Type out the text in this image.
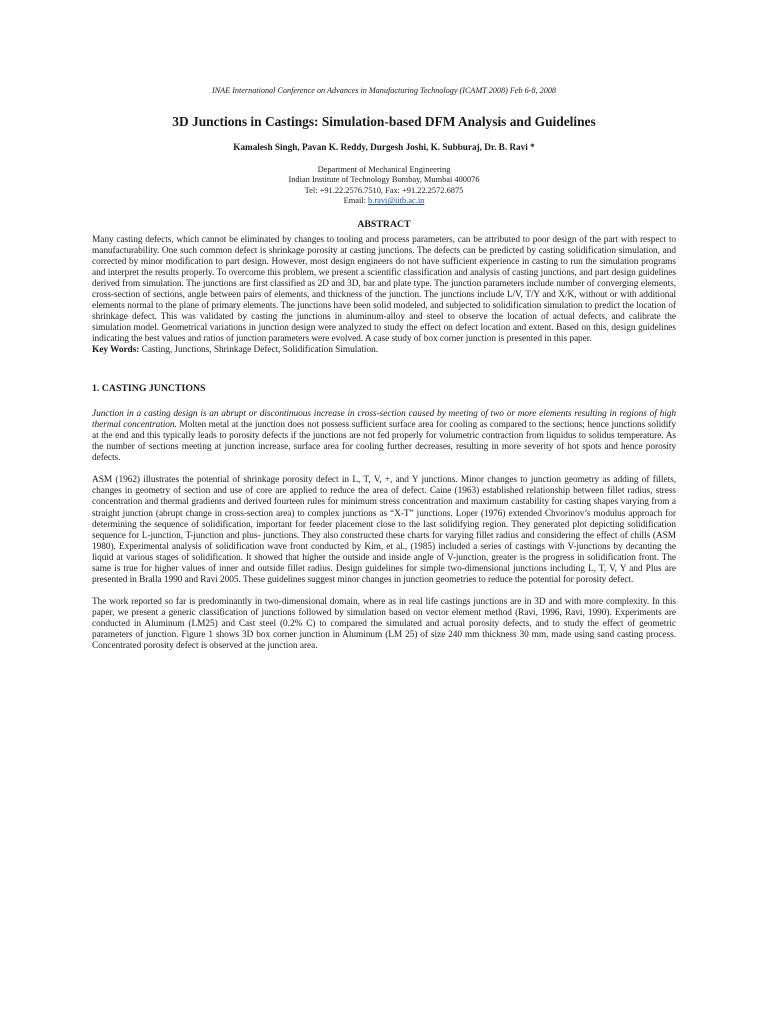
INAE International Conference on Advances in Manufacturing Technology (ICAMT 2008) Feb 6-8, 2008

3D Junctions in Castings: Simulation-based DFM Analysis and Guidelines

Kamalesh Singh, Pavan K. Reddy, Durgesh Joshi, K. Subburaj, Dr. B. Ravi *

Department of Mechanical Engineering
Indian Institute of Technology Bombay, Mumbai 400076
Tel: +91.22.2576.7510, Fax: +91.22.2572.6875
Email: b.ravi@iitb.ac.in
ABSTRACT

Many casting defects, which cannot be eliminated by changes to tooling and process parameters, can be attributed to poor design of the part with respect to manufacturability. One such common defect is shrinkage porosity at casting junctions. The defects can be predicted by casting solidification simulation, and corrected by minor modification to part design. However, most design engineers do not have sufficient experience in casting to run the simulation programs and interpret the results properly. To overcome this problem, we present a scientific classification and analysis of casting junctions, and part design guidelines derived from simulation. The junctions are first classified as 2D and 3D, bar and plate type. The junction parameters include number of converging elements, cross-section of sections, angle between pairs of elements, and thickness of the junction. The junctions include L/V, T/Y and X/K, without or with additional elements normal to the plane of primary elements. The junctions have been solid modeled, and subjected to solidification simulation to predict the location of shrinkage defect. This was validated by casting the junctions in aluminum-alloy and steel to observe the location of actual defects, and calibrate the simulation model. Geometrical variations in junction design were analyzed to study the effect on defect location and extent. Based on this, design guidelines indicating the best values and ratios of junction parameters were evolved. A case study of box corner junction is presented in this paper.

Key Words: Casting, Junctions, Shrinkage Defect, Solidification Simulation.

1. CASTING JUNCTIONS

Junction in a casting design is an abrupt or discontinuous increase in cross-section caused by meeting of two or more elements resulting in regions of high thermal concentration. Molten metal at the junction does not possess sufficient surface area for cooling as compared to the sections; hence junctions solidify at the end and this typically leads to porosity defects if the junctions are not fed properly for volumetric contraction from liquidus to solidus temperature. As the number of sections meeting at junction increase, surface area for cooling further decreases, resulting in more severity of hot spots and hence porosity defects.

ASM (1962) illustrates the potential of shrinkage porosity defect in L, T, V, +, and Y junctions. Minor changes to junction geometry as adding of fillets, changes in geometry of section and use of core are applied to reduce the area of defect. Caine (1963) established relationship between fillet radius, stress concentration and thermal gradients and derived fourteen rules for minimum stress concentration and maximum castability for casting shapes varying from a straight junction (abrupt change in cross-section area) to complex junctions as “X-T” junctions. Loper (1976) extended Chvorinov’s modulus approach for determining the sequence of solidification, important for feeder placement close to the last solidifying region. They generated plot depicting solidification sequence for L-junction, T-junction and plus- junctions. They also constructed these charts for varying fillet radius and considering the effect of chills (ASM 1980). Experimental analysis of solidification wave front conducted by Kim, et al., (1985) included a series of castings with V-junctions by decanting the liquid at various stages of solidification. It showed that higher the outside and inside angle of V-junction, greater is the progress in solidification front. The same is true for higher values of inner and outside fillet radius. Design guidelines for simple two-dimensional junctions including L, T, V, Y and Plus are presented in Bralla 1990 and Ravi 2005. These guidelines suggest minor changes in junction geometries to reduce the potential for porosity defect.

The work reported so far is predominantly in two-dimensional domain, where as in real life castings junctions are in 3D and with more complexity. In this paper, we present a generic classification of junctions followed by simulation based on vector element method (Ravi, 1996, Ravi, 1990). Experiments are conducted in Aluminum (LM25) and Cast steel (0.2% C) to compared the simulated and actual porosity defects, and to study the effect of geometric parameters of junction. Figure 1 shows 3D box corner junction in Aluminum (LM 25) of size 240 mm thickness 30 mm, made using sand casting process. Concentrated porosity defect is observed at the junction area.
